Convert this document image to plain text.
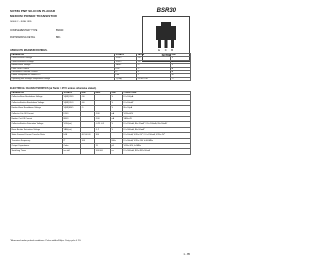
SOT89 PNP SILICON PLANAR
MEDIUM POWER TRANSISTOR
BSR30
ISSUE 2 - JUNE 1995
COMPLEMENTARY TYPE	BSR40
PARTMARKING DETAIL	BR1
E C B
SOT89
ABSOLUTE MAXIMUM RATINGS.
PARAMETER	SYMBOL	VALUE	UNIT
Collector-Base Voltage	VCBO	-90	V
Collector-Emitter Voltage	VCEO	-60	V
Emitter-Base Voltage	VEBO	-5	V
Peak Pulse Current	ICM	-2	A
Continuous Collector Current	IC	-1	A
Power Dissipation at Tamb=25°C	Ptot	1	W
Operating and Storage Temperature Range	Tj:Tstg	-55 to +150	°C
ELECTRICAL CHARACTERISTICS (at Tamb = 25°C unless otherwise stated).
PARAMETER	SYMBOL	MIN.	MAX.	UNIT	CONDITIONS.
Collector-Base Breakdown Voltage	V(BR)CBO	-90		V	IC=-100μA
Collector-Emitter Breakdown Voltage	V(BR)CEO	-60		V	IC=-10mA*
Emitter-Base Breakdown Voltage	V(BR)EBO	-5		V	IE=-10μA
Collector Cut-Off Current	ICBO		-100	nA	VCB=-60V
Emitter Cut-Off Current	IEBO		-100	nA	VEB=-4V
Collector-Emitter Saturation Voltage	VCE(sat)		-0.25 -0.5	V	IC=-150mA, IB=-15mA* / IC=-500mA, IB=-50mA*
Base-Emitter Saturation Voltage	VBE(sat)		-1.2	V	IC=-500mA, IB=-50mA*
Static Forward Current Transfer Ratio	hFE	40 100 40	300		IC=-10mA, VCE=-5V* / IC=-150mA, VCE=-2V*
Transition Frequency	fT	100		MHz	IC=-50mA, VCE=-10V f=100MHz
Output Capacitance	Cobo		15	pF	VCB=-10V, f=1MHz
Switching Times	ton toff		100 600	ns	IC=-500mA, IB1=-IB2=-50mA
*Measured under pulsed conditions. Pulse width=300μs. Duty cycle ≤ 2%
1 - 85
